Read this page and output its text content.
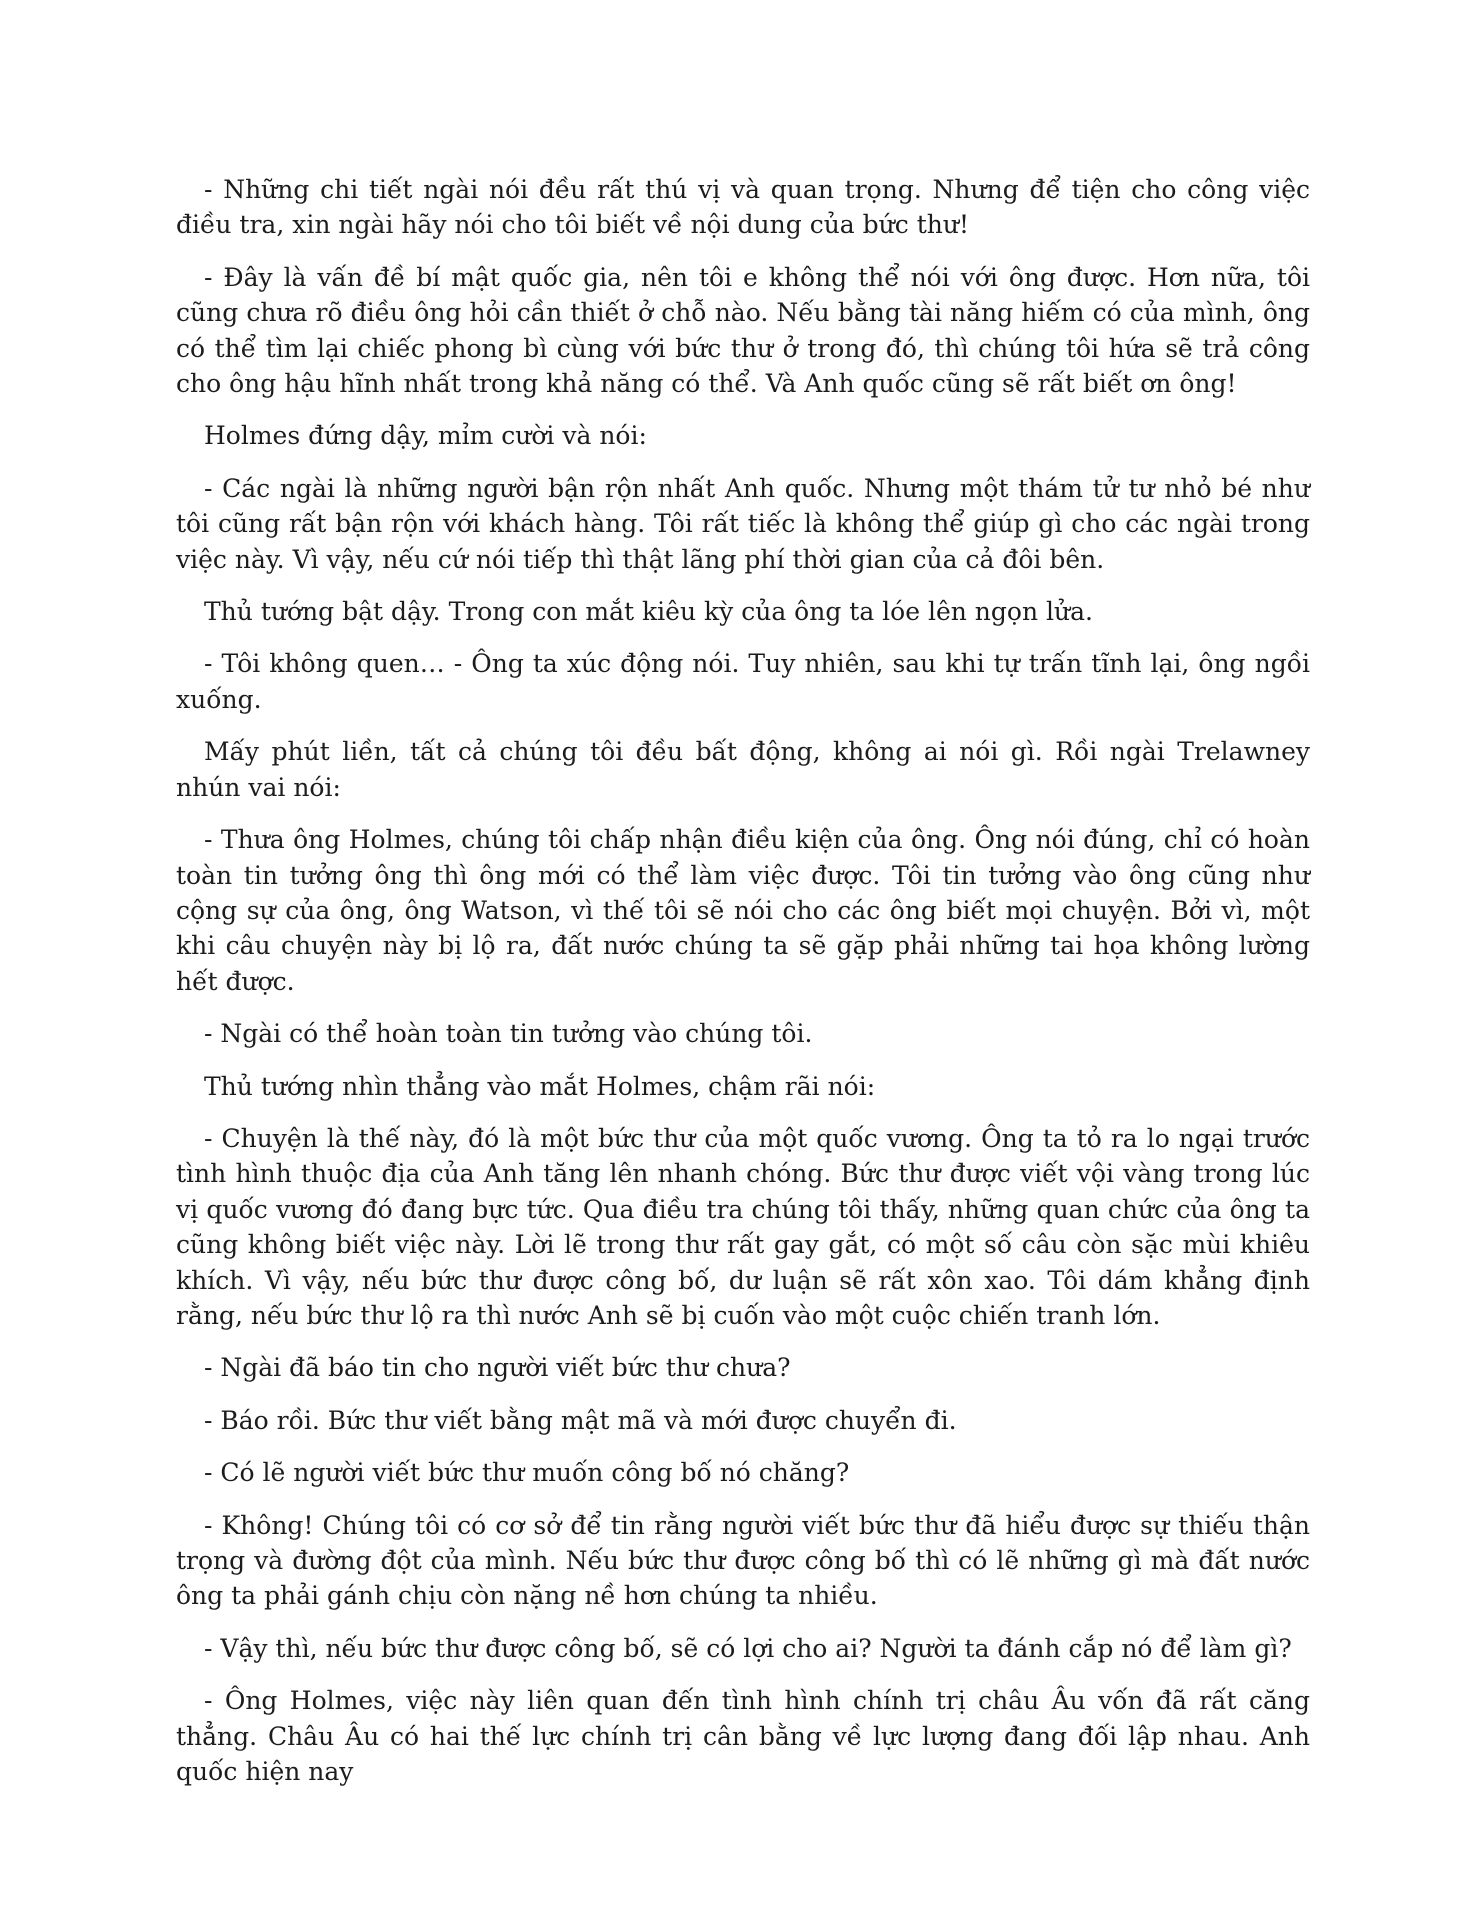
- Những chi tiết ngài nói đều rất thú vị và quan trọng. Nhưng để tiện cho công việc điều tra, xin ngài hãy nói cho tôi biết về nội dung của bức thư!

- Đây là vấn đề bí mật quốc gia, nên tôi e không thể nói với ông được. Hơn nữa, tôi cũng chưa rõ điều ông hỏi cần thiết ở chỗ nào. Nếu bằng tài năng hiếm có của mình, ông có thể tìm lại chiếc phong bì cùng với bức thư ở trong đó, thì chúng tôi hứa sẽ trả công cho ông hậu hĩnh nhất trong khả năng có thể. Và Anh quốc cũng sẽ rất biết ơn ông!

Holmes đứng dậy, mỉm cười và nói:

- Các ngài là những người bận rộn nhất Anh quốc. Nhưng một thám tử tư nhỏ bé như tôi cũng rất bận rộn với khách hàng. Tôi rất tiếc là không thể giúp gì cho các ngài trong việc này. Vì vậy, nếu cứ nói tiếp thì thật lãng phí thời gian của cả đôi bên.

Thủ tướng bật dậy. Trong con mắt kiêu kỳ của ông ta lóe lên ngọn lửa.

- Tôi không quen… - Ông ta xúc động nói. Tuy nhiên, sau khi tự trấn tĩnh lại, ông ngồi xuống.

Mấy phút liền, tất cả chúng tôi đều bất động, không ai nói gì. Rồi ngài Trelawney nhún vai nói:

- Thưa ông Holmes, chúng tôi chấp nhận điều kiện của ông. Ông nói đúng, chỉ có hoàn toàn tin tưởng ông thì ông mới có thể làm việc được. Tôi tin tưởng vào ông cũng như cộng sự của ông, ông Watson, vì thế tôi sẽ nói cho các ông biết mọi chuyện. Bởi vì, một khi câu chuyện này bị lộ ra, đất nước chúng ta sẽ gặp phải những tai họa không lường hết được.

- Ngài có thể hoàn toàn tin tưởng vào chúng tôi.

Thủ tướng nhìn thẳng vào mắt Holmes, chậm rãi nói:

- Chuyện là thế này, đó là một bức thư của một quốc vương. Ông ta tỏ ra lo ngại trước tình hình thuộc địa của Anh tăng lên nhanh chóng. Bức thư được viết vội vàng trong lúc vị quốc vương đó đang bực tức. Qua điều tra chúng tôi thấy, những quan chức của ông ta cũng không biết việc này. Lời lẽ trong thư rất gay gắt, có một số câu còn sặc mùi khiêu khích. Vì vậy, nếu bức thư được công bố, dư luận sẽ rất xôn xao. Tôi dám khẳng định rằng, nếu bức thư lộ ra thì nước Anh sẽ bị cuốn vào một cuộc chiến tranh lớn.

- Ngài đã báo tin cho người viết bức thư chưa?

- Báo rồi. Bức thư viết bằng mật mã và mới được chuyển đi.

- Có lẽ người viết bức thư muốn công bố nó chăng?

- Không! Chúng tôi có cơ sở để tin rằng người viết bức thư đã hiểu được sự thiếu thận trọng và đường đột của mình. Nếu bức thư được công bố thì có lẽ những gì mà đất nước ông ta phải gánh chịu còn nặng nề hơn chúng ta nhiều.

- Vậy thì, nếu bức thư được công bố, sẽ có lợi cho ai? Người ta đánh cắp nó để làm gì?

- Ông Holmes, việc này liên quan đến tình hình chính trị châu Âu vốn đã rất căng thẳng. Châu Âu có hai thế lực chính trị cân bằng về lực lượng đang đối lập nhau. Anh quốc hiện nay
